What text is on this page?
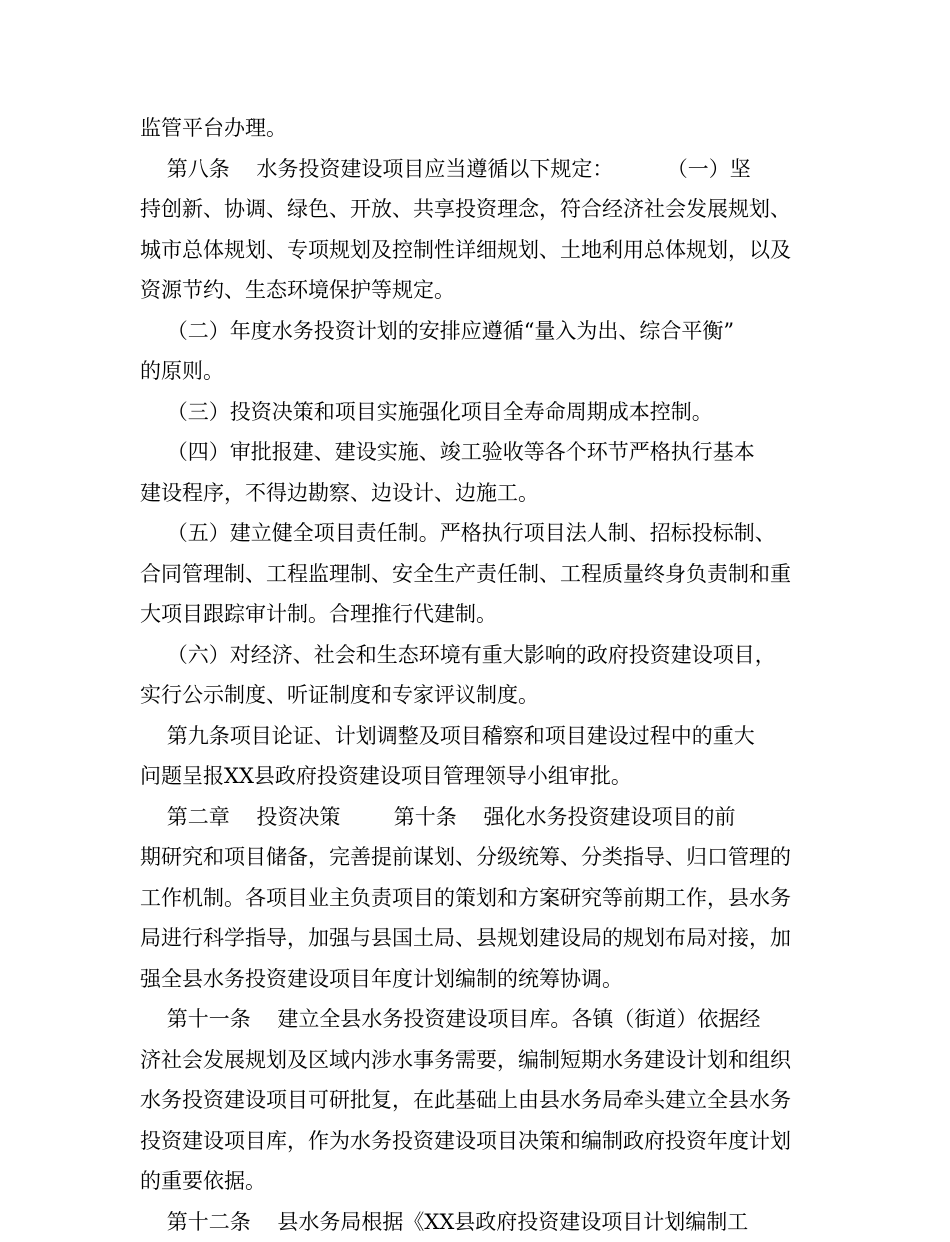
监管平台办理。
第八条    水务投资建设项目应当遵循以下规定：        （一）坚
持创新、协调、绿色、开放、共享投资理念，符合经济社会发展规划、
城市总体规划、专项规划及控制性详细规划、土地利用总体规划，以及
资源节约、生态环境保护等规定。
（二）年度水务投资计划的安排应遵循“量入为出、综合平衡”
的原则。
（三）投资决策和项目实施强化项目全寿命周期成本控制。
（四）审批报建、建设实施、竣工验收等各个环节严格执行基本
建设程序，不得边勘察、边设计、边施工。
（五）建立健全项目责任制。严格执行项目法人制、招标投标制、
合同管理制、工程监理制、安全生产责任制、工程质量终身负责制和重
大项目跟踪审计制。合理推行代建制。
（六）对经济、社会和生态环境有重大影响的政府投资建设项目，
实行公示制度、听证制度和专家评议制度。
第九条项目论证、计划调整及项目稽察和项目建设过程中的重大
问题呈报XX县政府投资建设项目管理领导小组审批。
第二章    投资决策        第十条    强化水务投资建设项目的前
期研究和项目储备，完善提前谋划、分级统筹、分类指导、归口管理的
工作机制。各项目业主负责项目的策划和方案研究等前期工作，县水务
局进行科学指导，加强与县国土局、县规划建设局的规划布局对接，加
强全县水务投资建设项目年度计划编制的统筹协调。
第十一条    建立全县水务投资建设项目库。各镇（街道）依据经
济社会发展规划及区域内涉水事务需要，编制短期水务建设计划和组织
水务投资建设项目可研批复，在此基础上由县水务局牵头建立全县水务
投资建设项目库，作为水务投资建设项目决策和编制政府投资年度计划
的重要依据。
第十二条    县水务局根据《XX县政府投资建设项目计划编制工
